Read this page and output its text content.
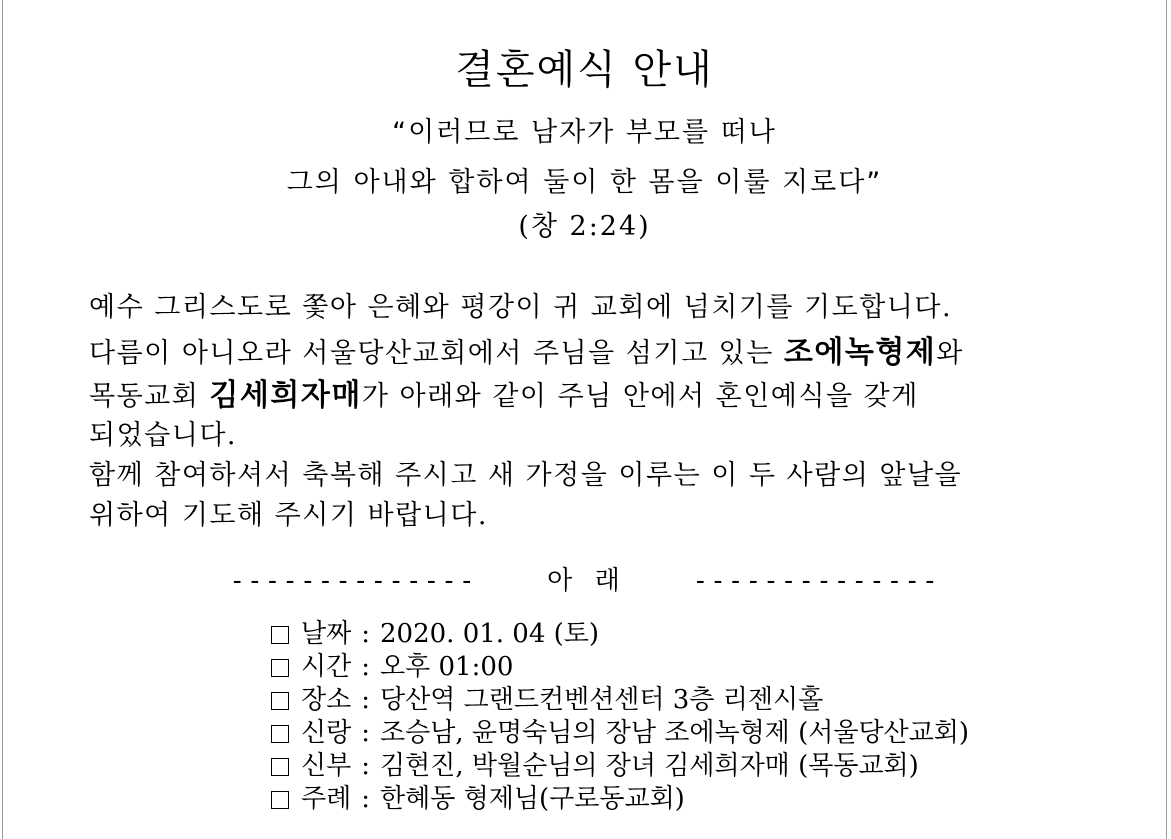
결혼예식 안내
“이러므로 남자가 부모를 떠나
그의 아내와 합하여 둘이 한 몸을 이룰 지로다”
(창 2:24)
예수 그리스도로 쫓아 은혜와 평강이 귀 교회에 넘치기를 기도합니다.
다름이 아니오라 서울당산교회에서 주님을 섬기고 있는 조에녹형제와
목동교회 김세희자매가 아래와 같이 주님 안에서 혼인예식을 갖게
되었습니다.
함께 참여하셔서 축복해 주시고 새 가정을 이루는 이 두 사람의 앞날을
위하여 기도해 주시기 바랍니다.
--------------	아  래	--------------
날짜 : 2020. 01. 04 (토)
시간 : 오후 01:00
장소 : 당산역 그랜드컨벤션센터 3층 리젠시홀
신랑 : 조승남, 윤명숙님의 장남 조에녹형제 (서울당산교회)
신부 : 김현진, 박월순님의 장녀 김세희자매 (목동교회)
주례 : 한혜동 형제님(구로동교회)
